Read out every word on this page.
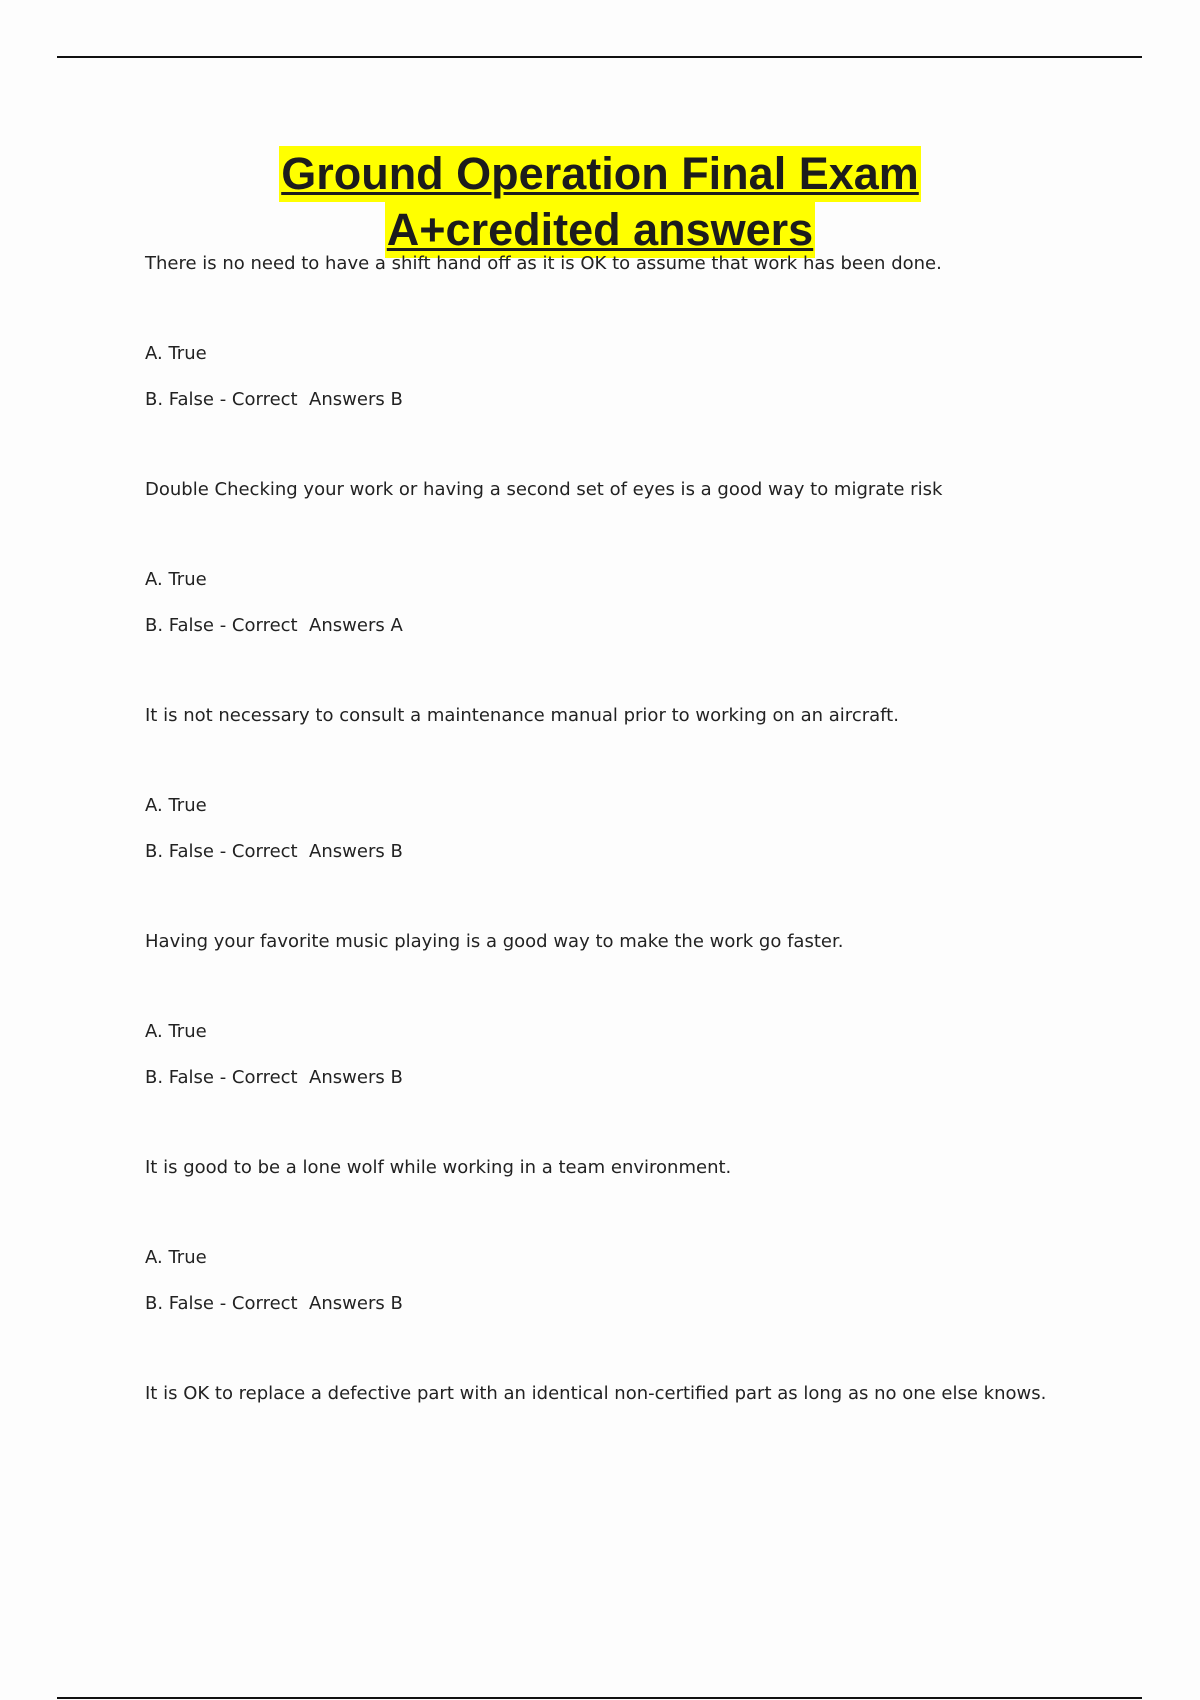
Ground Operation Final Exam
A+credited answers
There is no need to have a shift hand off as it is OK to assume that work has been done.
A. True
B. False - Correct  Answers B
Double Checking your work or having a second set of eyes is a good way to migrate risk
A. True
B. False - Correct  Answers A
It is not necessary to consult a maintenance manual prior to working on an aircraft.
A. True
B. False - Correct  Answers B
Having your favorite music playing is a good way to make the work go faster.
A. True
B. False - Correct  Answers B
It is good to be a lone wolf while working in a team environment.
A. True
B. False - Correct  Answers B
It is OK to replace a defective part with an identical non-certified part as long as no one else knows.
